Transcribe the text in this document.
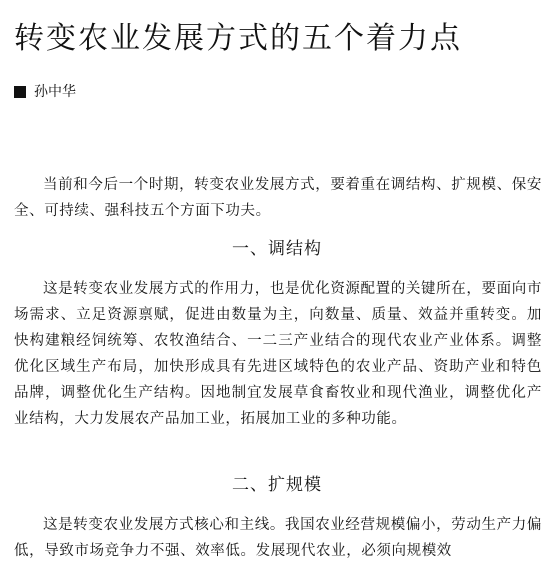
转变农业发展方式的五个着力点
孙中华

当前和今后一个时期，转变农业发展方式，要着重在调结构、扩规模、保安全、可持续、强科技五个方面下功夫。

一、调结构

这是转变农业发展方式的作用力，也是优化资源配置的关键所在，要面向市场需求、立足资源禀赋，促进由数量为主，向数量、质量、效益并重转变。加快构建粮经饲统筹、农牧渔结合、一二三产业结合的现代农业产业体系。调整优化区域生产布局，加快形成具有先进区域特色的农业产品、资助产业和特色品牌，调整优化生产结构。因地制宜发展草食畜牧业和现代渔业，调整优化产业结构，大力发展农产品加工业，拓展加工业的多种功能。

二、扩规模

这是转变农业发展方式核心和主线。我国农业经营规模偏小，劳动生产力偏低，导致市场竞争力不强、效率低。发展现代农业，必须向规模效
